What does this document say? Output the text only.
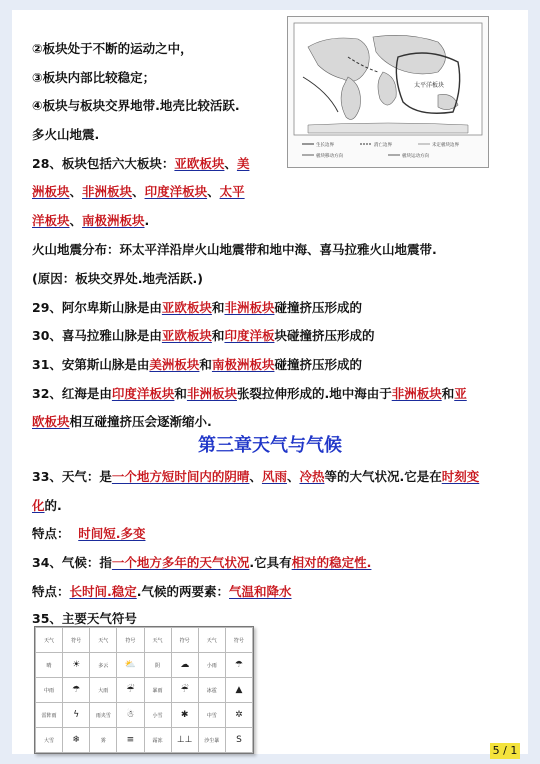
太平洋板块
生长边界	消亡边界	未定板块边界
板块移动方向	板块运动方向
②板块处于不断的运动之中，
③板块内部比较稳定；
④板块与板块交界地带.地壳比较活跃.
多火山地震.
28、板块包括六大板块：亚欧板块、美
洲板块、非洲板块、印度洋板块、太平
洋板块、南极洲板块.
火山地震分布：环太平洋沿岸火山地震带和地中海、喜马拉雅火山地震带.
(原因：板块交界处.地壳活跃.)
29、阿尔卑斯山脉是由亚欧板块和非洲板块碰撞挤压形成的
30、喜马拉雅山脉是由亚欧板块和印度洋板块碰撞挤压形成的
31、安第斯山脉是由美洲板块和南极洲板块碰撞挤压形成的
32、红海是由印度洋板块和非洲板块张裂拉伸形成的.地中海由于非洲板块和亚
欧板块相互碰撞挤压会逐渐缩小.
第三章天气与气候
33、天气：是一个地方短时间内的阴晴、风雨、冷热等的大气状况.它是在时刻变
化的.
特点： 时间短.多变
34、气候：指一个地方多年的天气状况.它具有相对的稳定性.
特点：长时间.稳定.气候的两要素：气温和降水
35、主要天气符号
天气	符号	天气	符号	天气	符号	天气	符号
晴	☀	多云	⛅	阴	☁	小雨	☂
中雨	☂	大雨	☔	暴雨	☔	冰雹	▲
雷阵雨	ϟ	雨夹雪	☃	小雪	✱	中雪	✲
大雪	❄	雾	≡	霜冻	⊥⊥	沙尘暴	S
5 / 1
